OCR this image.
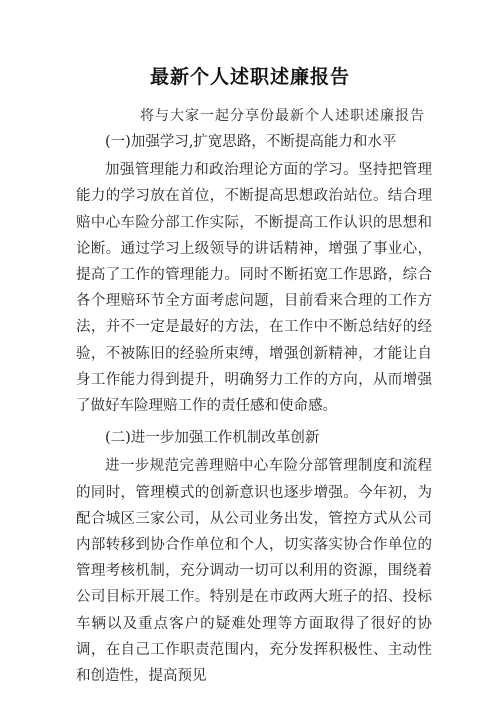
最新个人述职述廉报告
将与大家一起分享份最新个人述职述廉报告

(一)加强学习,扩宽思路，不断提高能力和水平

加强管理能力和政治理论方面的学习。坚持把管理能力的学习放在首位，不断提高思想政治站位。结合理赔中心车险分部工作实际，不断提高工作认识的思想和论断。通过学习上级领导的讲话精神，增强了事业心，提高了工作的管理能力。同时不断拓宽工作思路，综合各个理赔环节全方面考虑问题，目前看来合理的工作方法，并不一定是最好的方法，在工作中不断总结好的经验，不被陈旧的经验所束缚，增强创新精神，才能让自身工作能力得到提升，明确努力工作的方向，从而增强了做好车险理赔工作的责任感和使命感。

(二)进一步加强工作机制改革创新

进一步规范完善理赔中心车险分部管理制度和流程的同时，管理模式的创新意识也逐步增强。今年初，为配合城区三家公司，从公司业务出发，管控方式从公司内部转移到协合作单位和个人，切实落实协合作单位的管理考核机制，充分调动一切可以利用的资源，围绕着公司目标开展工作。特别是在市政两大班子的招、投标车辆以及重点客户的疑难处理等方面取得了很好的协调，在自己工作职责范围内，充分发挥积极性、主动性和创造性，提高预见
